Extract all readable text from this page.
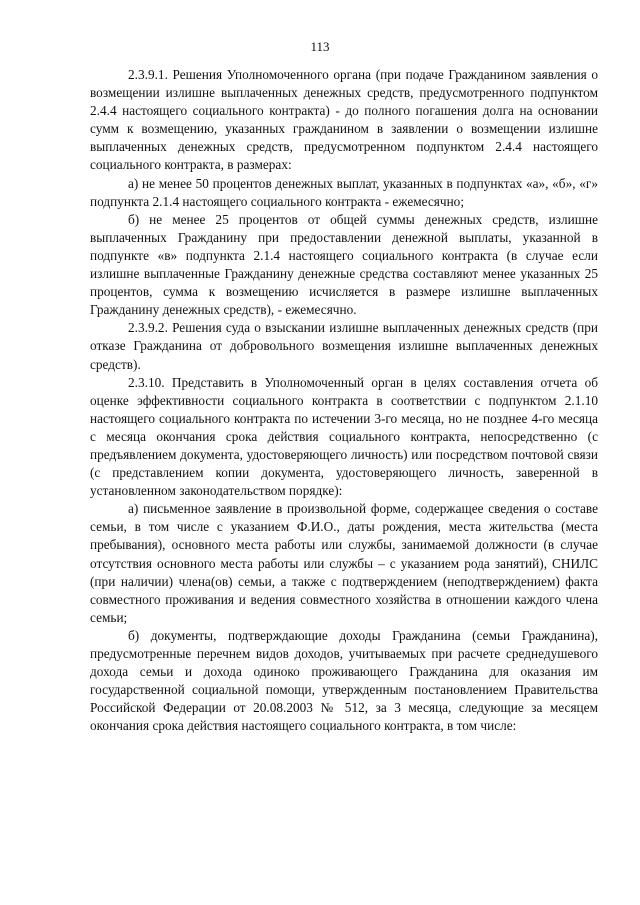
113

2.3.9.1. Решения Уполномоченного органа (при подаче Гражданином заявления о возмещении излишне выплаченных денежных средств, предусмотренного подпунктом 2.4.4 настоящего социального контракта) - до полного погашения долга на основании сумм к возмещению, указанных гражданином в заявлении о возмещении излишне выплаченных денежных средств, предусмотренном подпунктом 2.4.4 настоящего социального контракта, в размерах:

а) не менее 50 процентов денежных выплат, указанных в подпунктах «а», «б», «г» подпункта 2.1.4 настоящего социального контракта - ежемесячно;

б) не менее 25 процентов от общей суммы денежных средств, излишне выплаченных Гражданину при предоставлении денежной выплаты, указанной в подпункте «в» подпункта 2.1.4 настоящего социального контракта (в случае если излишне выплаченные Гражданину денежные средства составляют менее указанных 25 процентов, сумма к возмещению исчисляется в размере излишне выплаченных Гражданину денежных средств), - ежемесячно.

2.3.9.2. Решения суда о взыскании излишне выплаченных денежных средств (при отказе Гражданина от добровольного возмещения излишне выплаченных денежных средств).

2.3.10. Представить в Уполномоченный орган в целях составления отчета об оценке эффективности социального контракта в соответствии с подпунктом 2.1.10 настоящего социального контракта по истечении 3-го месяца, но не позднее 4-го месяца с месяца окончания срока действия социального контракта, непосредственно (с предъявлением документа, удостоверяющего личность) или посредством почтовой связи (с представлением копии документа, удостоверяющего личность, заверенной в установленном законодательством порядке):

а) письменное заявление в произвольной форме, содержащее сведения о составе семьи, в том числе с указанием Ф.И.О., даты рождения, места жительства (места пребывания), основного места работы или службы, занимаемой должности (в случае отсутствия основного места работы или службы – с указанием рода занятий), СНИЛС (при наличии) члена(ов) семьи, а также с подтверждением (неподтверждением) факта совместного проживания и ведения совместного хозяйства в отношении каждого члена семьи;

б) документы, подтверждающие доходы Гражданина (семьи Гражданина), предусмотренные перечнем видов доходов, учитываемых при расчете среднедушевого дохода семьи и дохода одиноко проживающего Гражданина для оказания им государственной социальной помощи, утвержденным постановлением Правительства Российской Федерации от 20.08.2003 № 512, за 3 месяца, следующие за месяцем окончания срока действия настоящего социального контракта, в том числе:
